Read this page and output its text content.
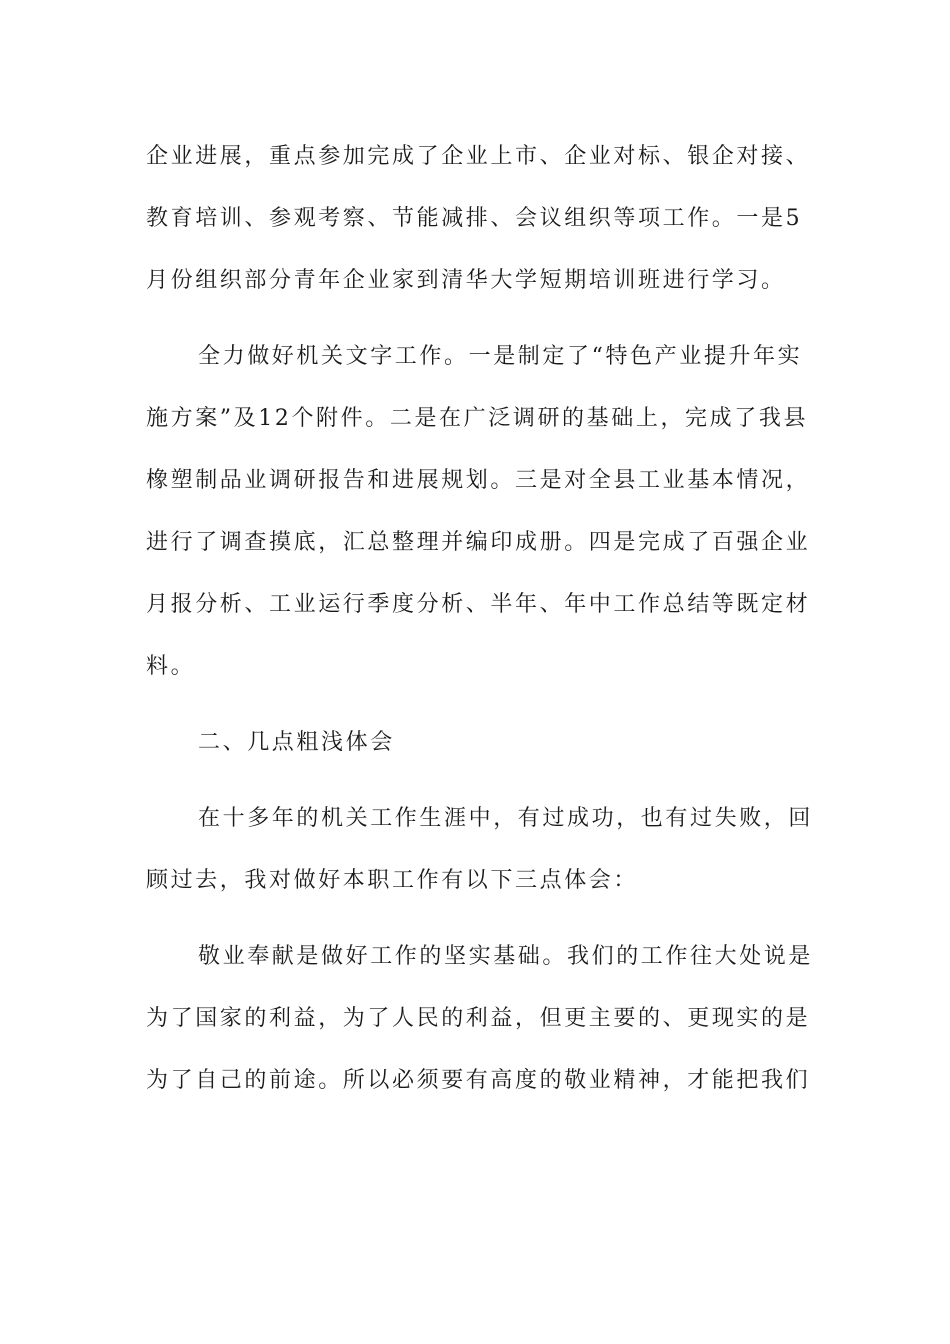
企业进展，重点参加完成了企业上市、企业对标、银企对接、
教育培训、参观考察、节能减排、会议组织等项工作。一是5
月份组织部分青年企业家到清华大学短期培训班进行学习。
全力做好机关文字工作。一是制定了“特色产业提升年实
施方案”及12个附件。二是在广泛调研的基础上，完成了我县
橡塑制品业调研报告和进展规划。三是对全县工业基本情况，
进行了调查摸底，汇总整理并编印成册。四是完成了百强企业
月报分析、工业运行季度分析、半年、年中工作总结等既定材
料。
二、几点粗浅体会
在十多年的机关工作生涯中，有过成功，也有过失败，回
顾过去，我对做好本职工作有以下三点体会：
敬业奉献是做好工作的坚实基础。我们的工作往大处说是
为了国家的利益，为了人民的利益，但更主要的、更现实的是
为了自己的前途。所以必须要有高度的敬业精神，才能把我们
